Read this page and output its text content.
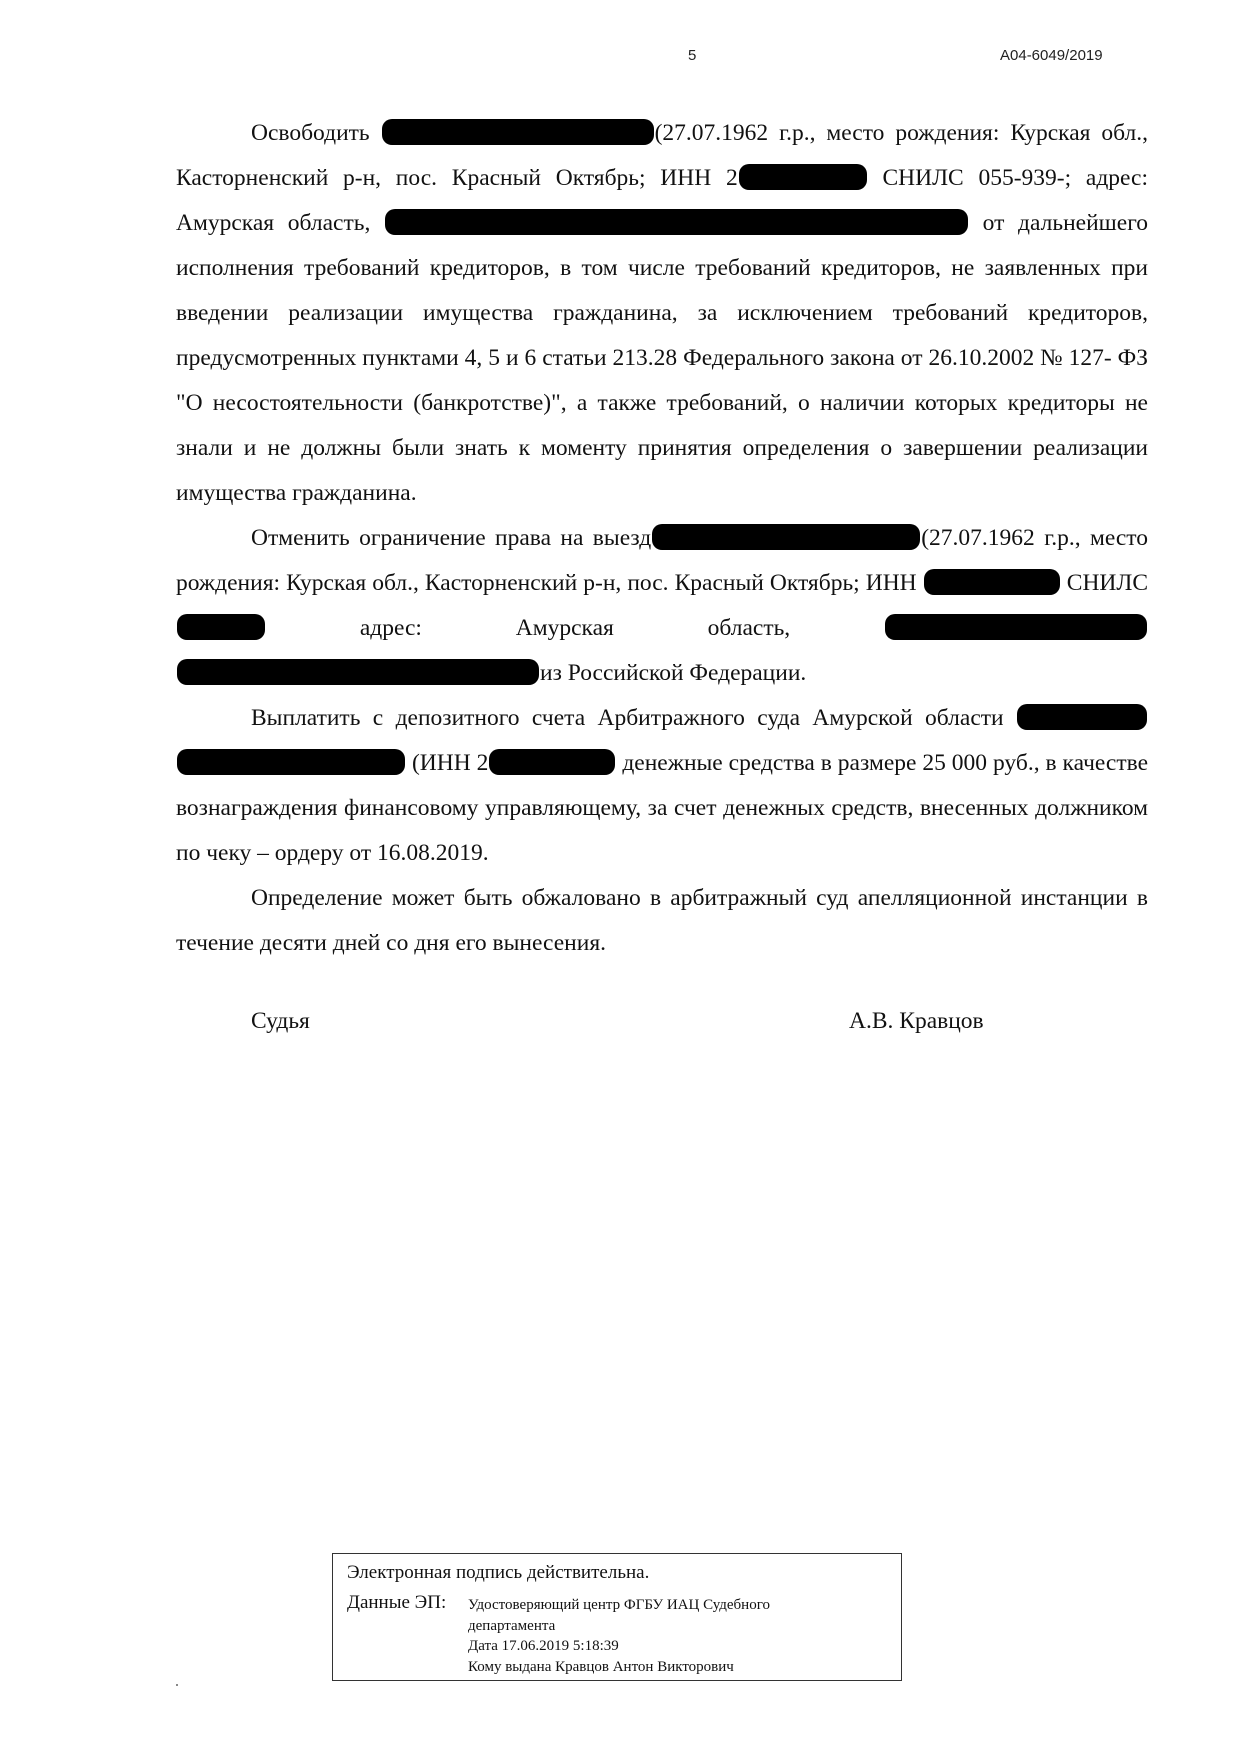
5	А04-6049/2019

Освободить	(27.07.1962 г.р., место рождения: Курская обл., Касторненский р-н, пос. Красный Октябрь; ИНН 2	СНИЛС 055-939-; адрес: Амурская область,	от дальнейшего исполнения требований кредиторов, в том числе требований кредиторов, не заявленных при введении реализации имущества гражданина, за исключением требований кредиторов, предусмотренных пунктами 4, 5 и 6 статьи 213.28 Федерального закона от 26.10.2002 № 127- ФЗ "О несостоятельности (банкротстве)", а также требований, о наличии которых кредиторы не знали и не должны были знать к моменту принятия определения о завершении реализации имущества гражданина.

Отменить ограничение права на выезд	(27.07.1962 г.р., место рождения: Курская обл., Касторненский р-н, пос. Красный Октябрь; ИНН	СНИЛС  адрес: Амурская область,  из Российской Федерации.

Выплатить с депозитного счета Арбитражного суда Амурской области   (ИНН 2	денежные средства в размере 25 000 руб., в качестве вознаграждения финансовому управляющему, за счет денежных средств, внесенных должником по чеку – ордеру от 16.08.2019.

Определение может быть обжаловано в арбитражный суд апелляционной инстанции в течение десяти дней со дня его вынесения.

Судья	А.В. Кравцов
Электронная подпись действительна.
Данные ЭП: Удостоверяющий центр ФГБУ ИАЦ Судебного
департамента
Дата 17.06.2019 5:18:39
Кому выдана Кравцов Антон Викторович
